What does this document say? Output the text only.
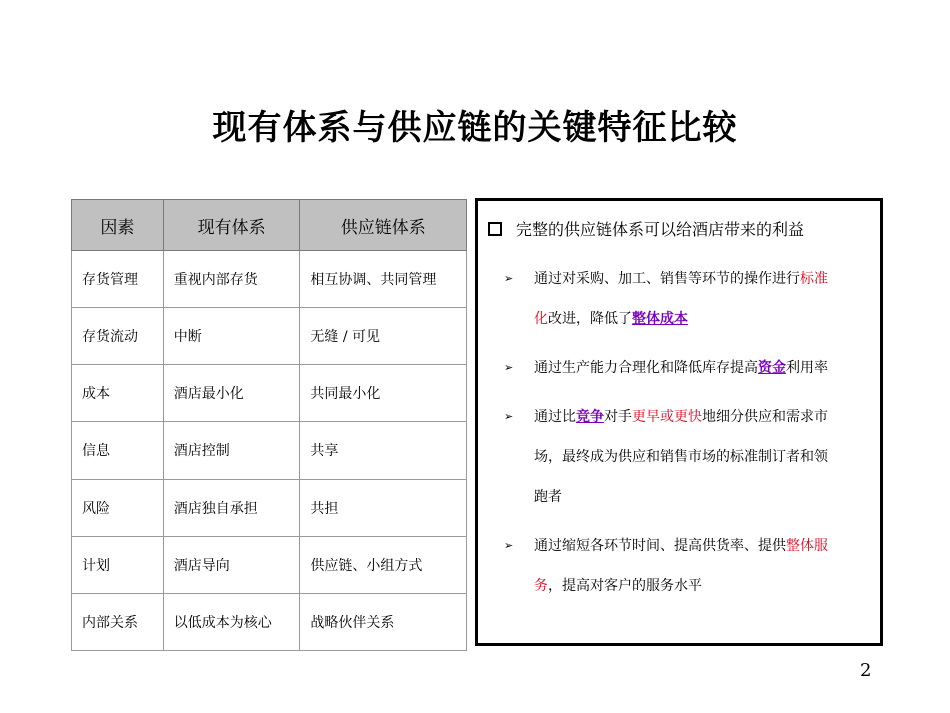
现有体系与供应链的关键特征比较
因素	现有体系	供应链体系
存货管理	重视内部存货	相互协调、共同管理
存货流动	中断	无缝 / 可见
成本	酒店最小化	共同最小化
信息	酒店控制	共享
风险	酒店独自承担	共担
计划	酒店导向	供应链、小组方式
内部关系	以低成本为核心	战略伙伴关系
完整的供应链体系可以给酒店带来的利益
➢ 通过对采购、加工、销售等环节的操作进行标准化改进，降低了整体成本
➢ 通过生产能力合理化和降低库存提高资金利用率
➢ 通过比竞争对手更早或更快地细分供应和需求市场，最终成为供应和销售市场的标准制订者和领跑者
➢ 通过缩短各环节时间、提高供货率、提供整体服务，提高对客户的服务水平
2
